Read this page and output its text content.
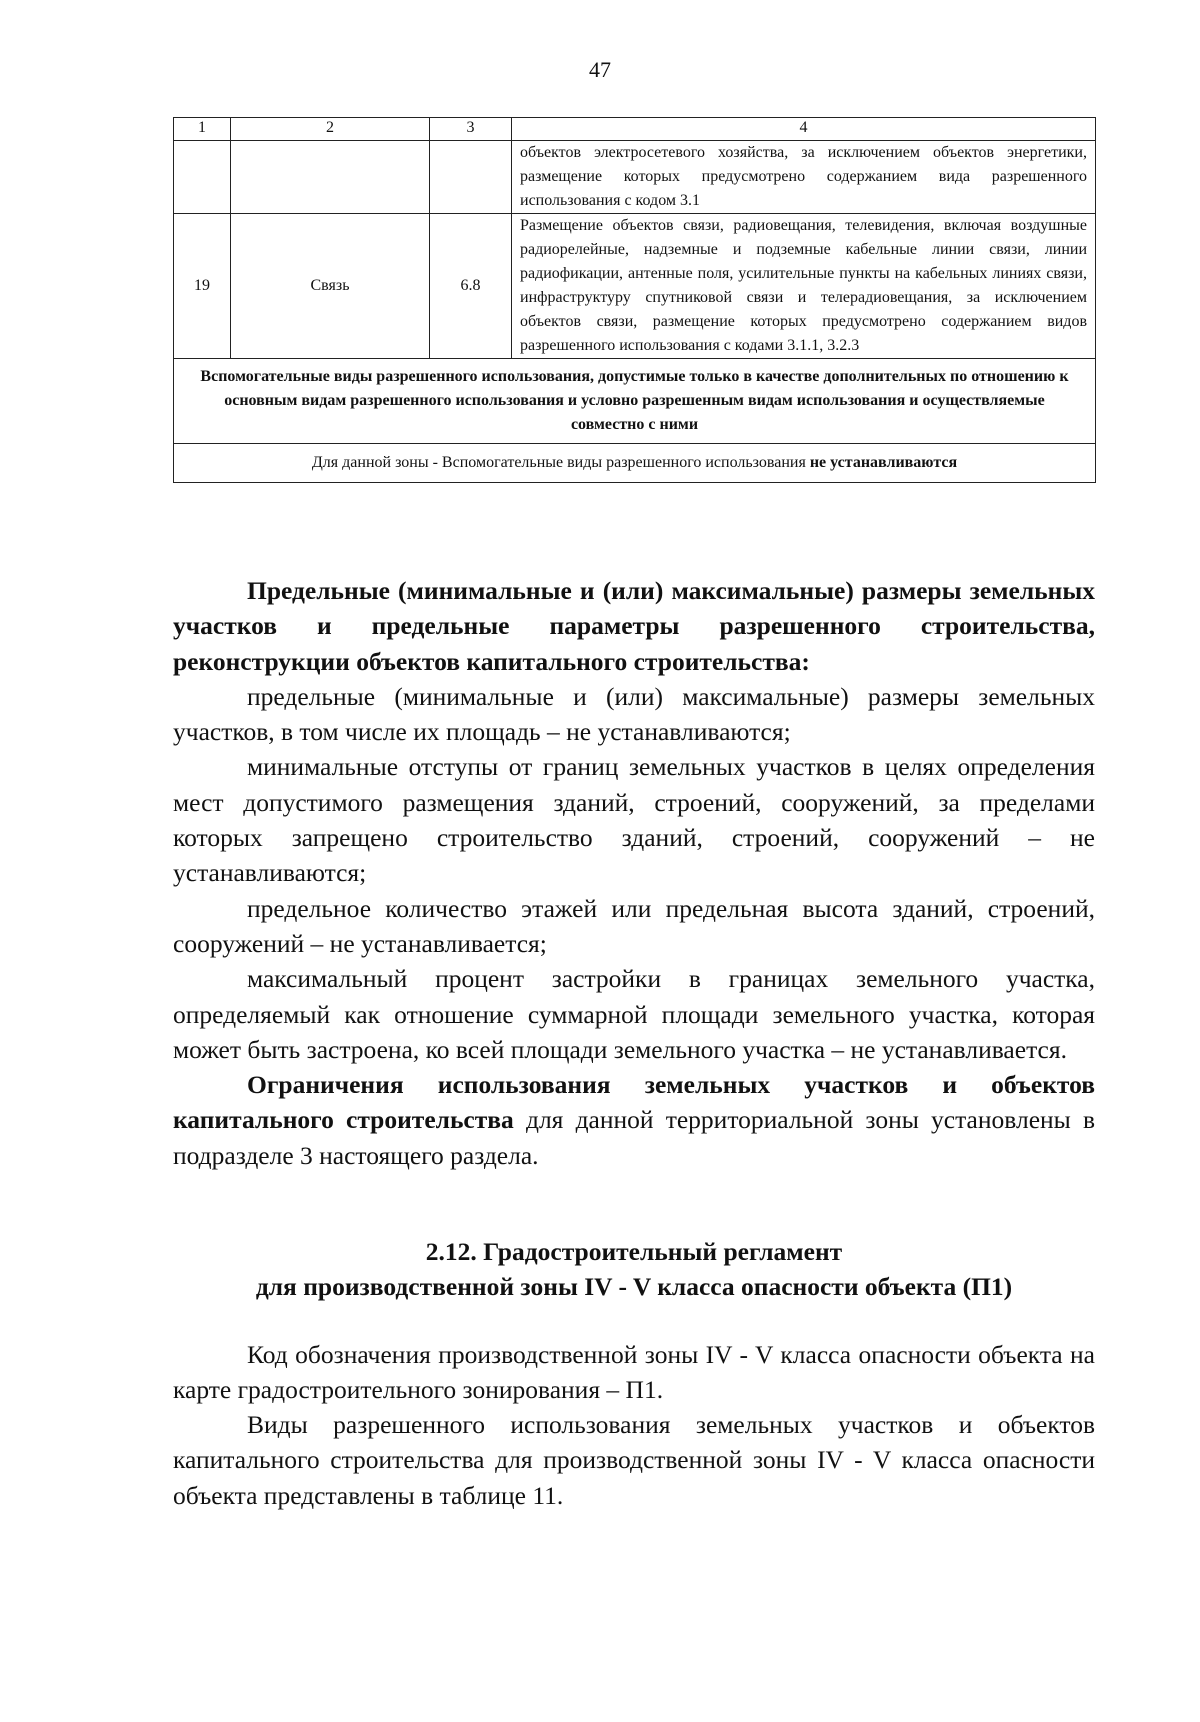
47
1	2	3	4
			объектов электросетевого хозяйства, за исключением объектов энергетики, размещение которых предусмотрено содержанием вида разрешенного использования с кодом 3.1
19	Связь	6.8	Размещение объектов связи, радиовещания, телевидения, включая воздушные радиорелейные, надземные и подземные кабельные линии связи, линии радиофикации, антенные поля, усилительные пункты на кабельных линиях связи, инфраструктуру спутниковой связи и телерадиовещания, за исключением объектов связи, размещение которых предусмотрено содержанием видов разрешенного использования с кодами 3.1.1, 3.2.3
Вспомогательные виды разрешенного использования, допустимые только в качестве дополнительных по отношению к основным видам разрешенного использования и условно разрешенным видам использования и осуществляемые совместно с ними			
Для данной зоны - Вспомогательные виды разрешенного использования не устанавливаются			

Предельные (минимальные и (или) максимальные) размеры земельных участков и предельные параметры разрешенного строительства, реконструкции объектов капитального строительства:

предельные (минимальные и (или) максимальные) размеры земельных участков, в том числе их площадь – не устанавливаются;

минимальные отступы от границ земельных участков в целях определения мест допустимого размещения зданий, строений, сооружений, за пределами которых запрещено строительство зданий, строений, сооружений – не устанавливаются;

предельное количество этажей или предельная высота зданий, строений, сооружений – не устанавливается;

максимальный процент застройки в границах земельного участка, определяемый как отношение суммарной площади земельного участка, которая может быть застроена, ко всей площади земельного участка – не устанавливается.

Ограничения использования земельных участков и объектов капитального строительства для данной территориальной зоны установлены в подразделе 3 настоящего раздела.

2.12. Градостроительный регламент

для производственной зоны IV - V класса опасности объекта (П1)

Код обозначения производственной зоны IV - V класса опасности объекта на карте градостроительного зонирования – П1.

Виды разрешенного использования земельных участков и объектов капитального строительства для производственной зоны IV - V класса опасности объекта представлены в таблице 11.
